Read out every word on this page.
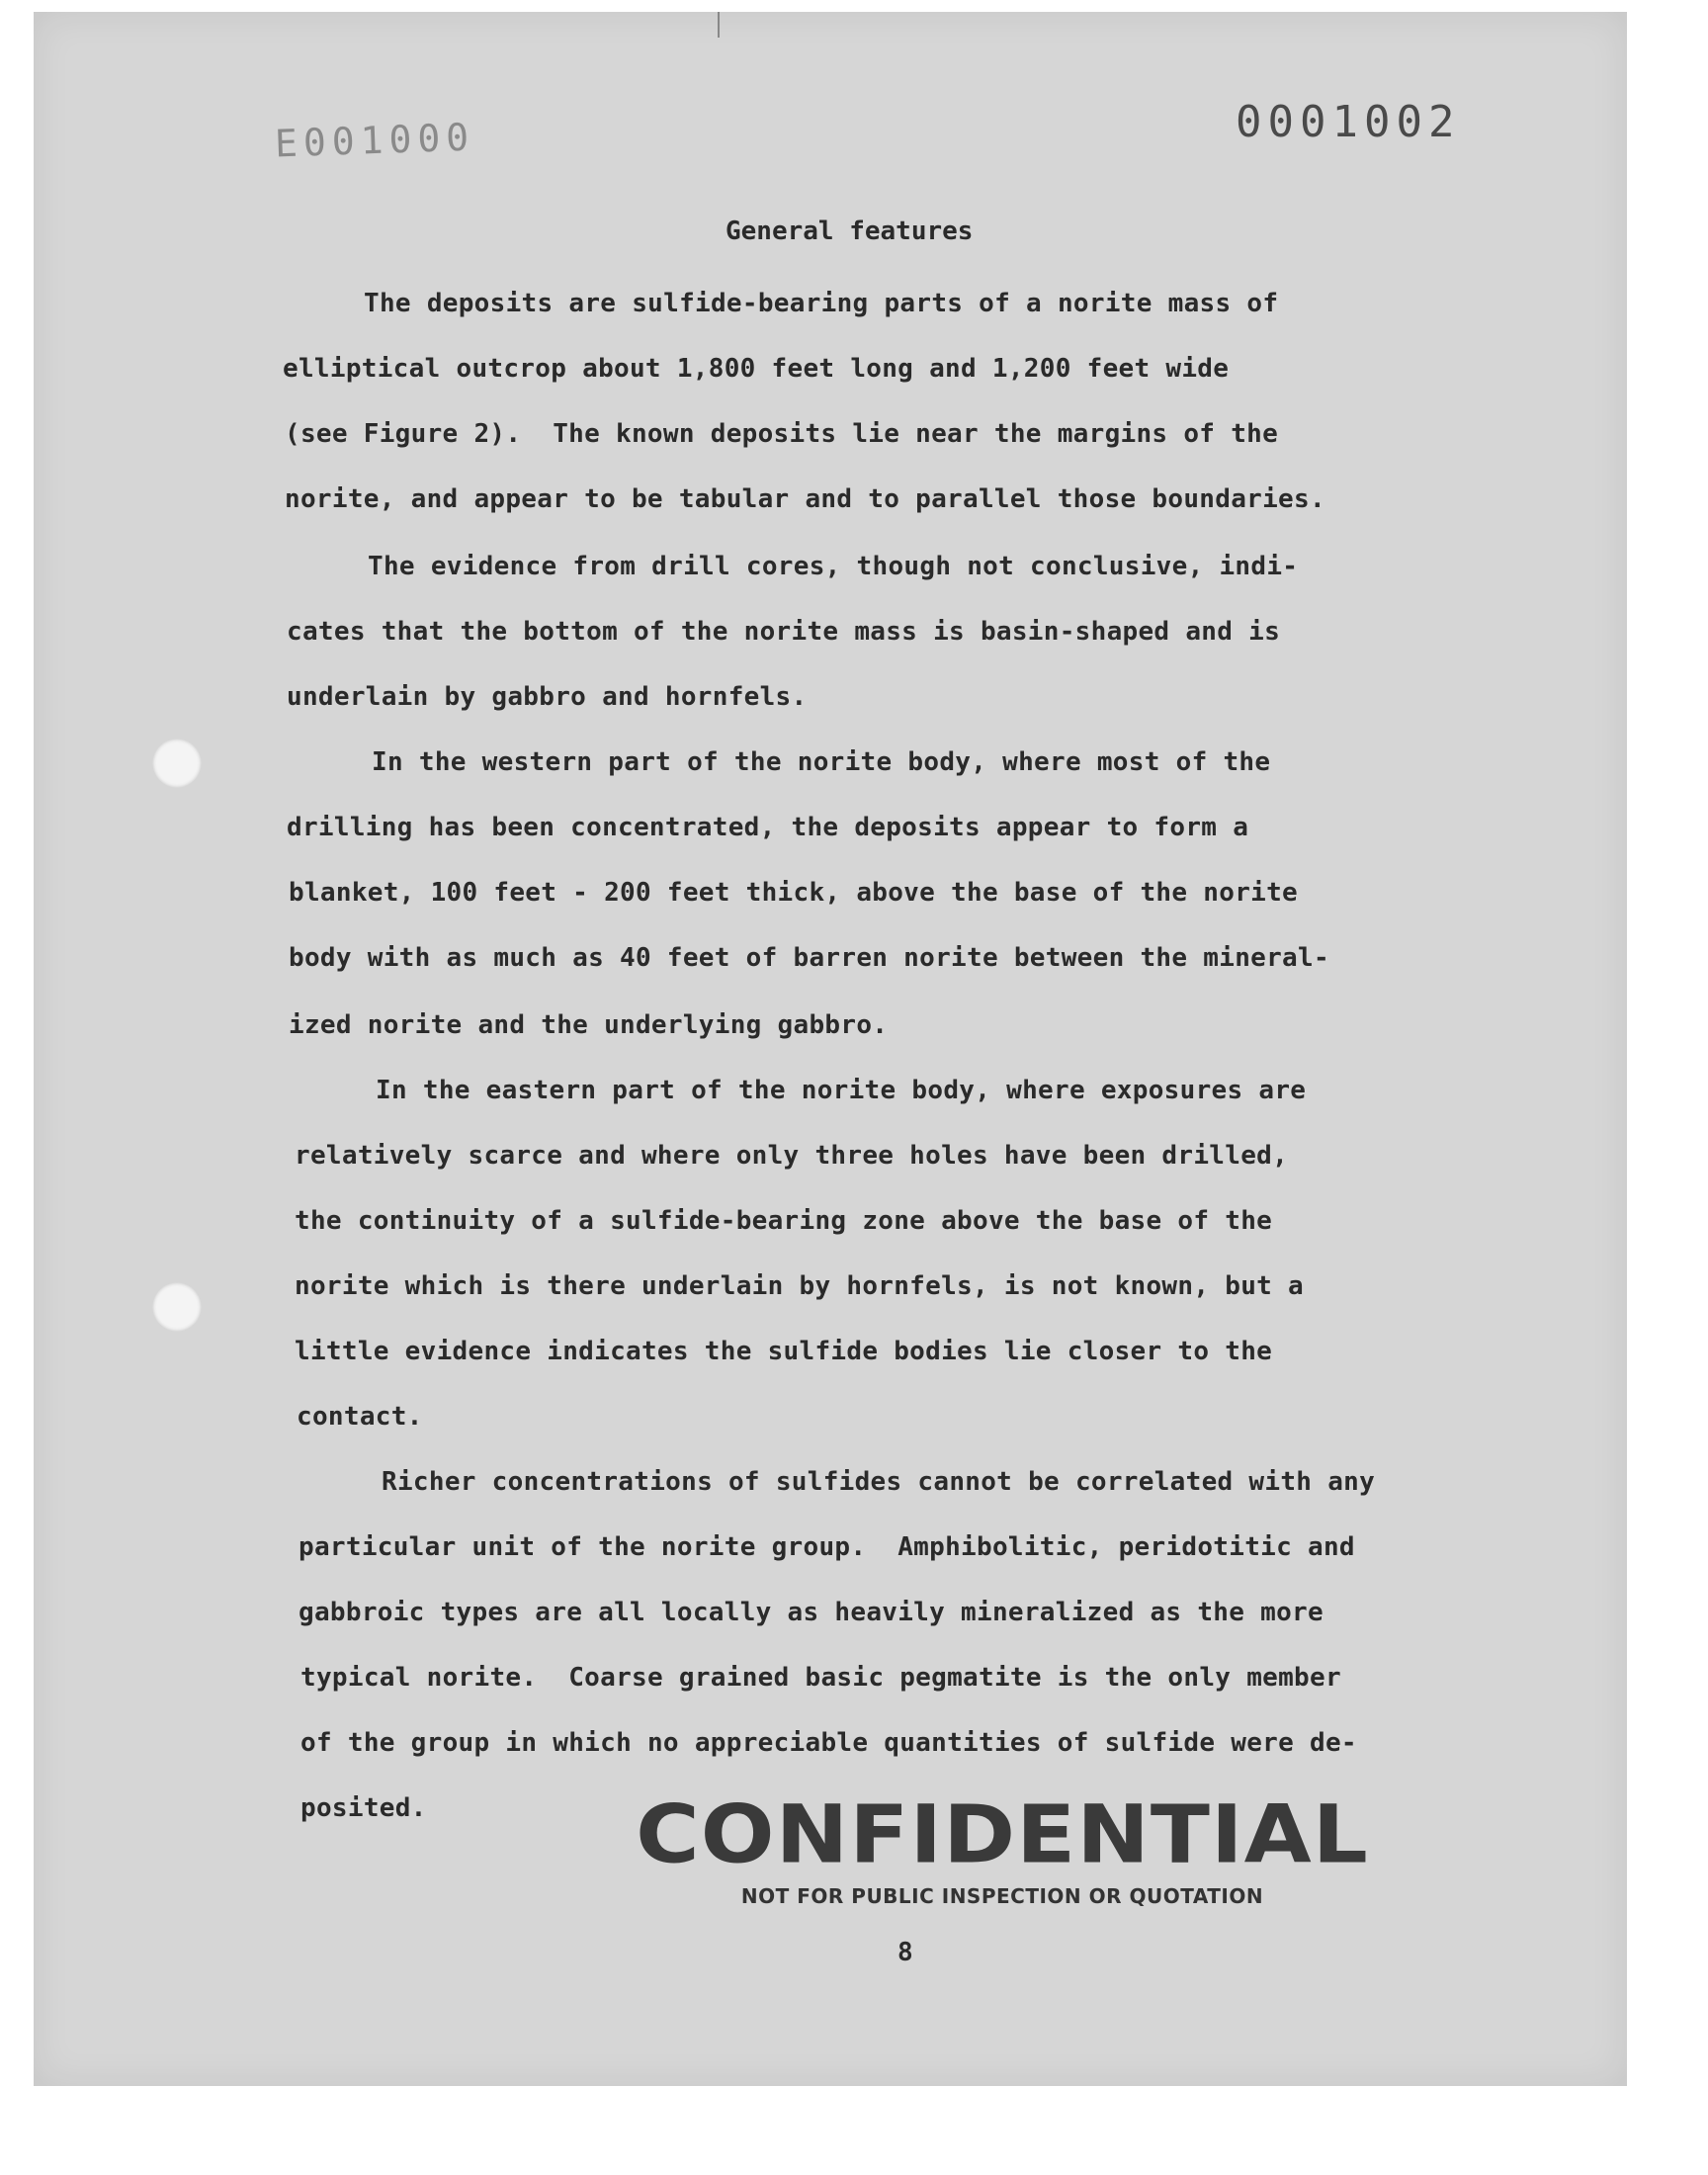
E001000	0001002
General features
The deposits are sulfide-bearing parts of a norite mass of
elliptical outcrop about 1,800 feet long and 1,200 feet wide
(see Figure 2).  The known deposits lie near the margins of the
norite, and appear to be tabular and to parallel those boundaries.
The evidence from drill cores, though not conclusive, indi-
cates that the bottom of the norite mass is basin-shaped and is
underlain by gabbro and hornfels.
In the western part of the norite body, where most of the
drilling has been concentrated, the deposits appear to form a
blanket, 100 feet - 200 feet thick, above the base of the norite
body with as much as 40 feet of barren norite between the mineral-
ized norite and the underlying gabbro.
In the eastern part of the norite body, where exposures are
relatively scarce and where only three holes have been drilled,
the continuity of a sulfide-bearing zone above the base of the
norite which is there underlain by hornfels, is not known, but a
little evidence indicates the sulfide bodies lie closer to the
contact.
Richer concentrations of sulfides cannot be correlated with any
particular unit of the norite group.  Amphibolitic, peridotitic and
gabbroic types are all locally as heavily mineralized as the more
typical norite.  Coarse grained basic pegmatite is the only member
of the group in which no appreciable quantities of sulfide were de-
posited. CONFIDENTIAL
NOT FOR PUBLIC INSPECTION OR QUOTATION
8
